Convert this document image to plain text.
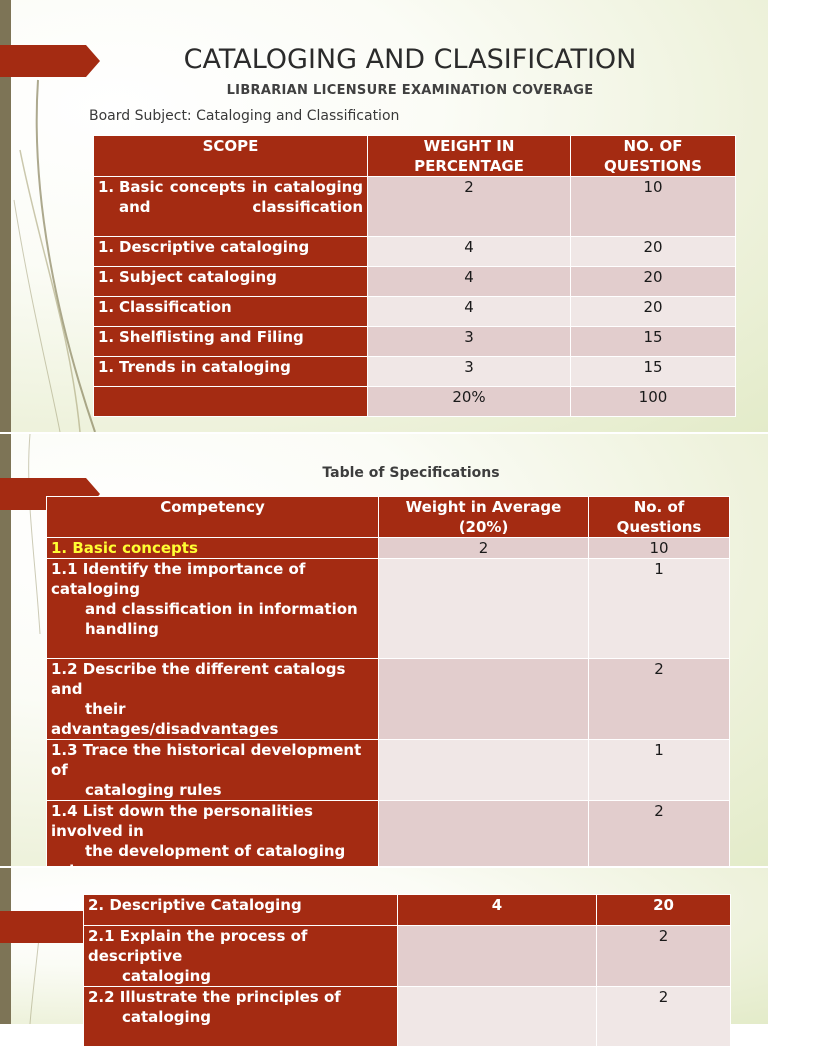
CATALOGING AND CLASIFICATION
LIBRARIAN LICENSURE EXAMINATION COVERAGE
Board Subject: Cataloging and Classification
SCOPE	WEIGHT IN PERCENTAGE	NO. OF QUESTIONS

1. Basic concepts in cataloging and classification	2	10
1. Descriptive cataloging	4	20
1. Subject cataloging	4	20
1. Classification	4	20
1. Shelflisting and Filing	3	15
1. Trends in cataloging	3	15
	20%	100
Table of Specifications
Competency	Weight in Average (20%)	No. of Questions
1. Basic concepts	2	10
1.1 Identify the importance of cataloging
and classification in information
handling		1
1.2 Describe the different catalogs and
their
advantages/disadvantages		2
1.3 Trace the historical development of
cataloging rules		1

1.4 List down the personalities involved in
the development of cataloging		2
2. Descriptive Cataloging	4	20
2.1 Explain the process of descriptive
cataloging		2
2.2 Illustrate the principles of
cataloging		2
